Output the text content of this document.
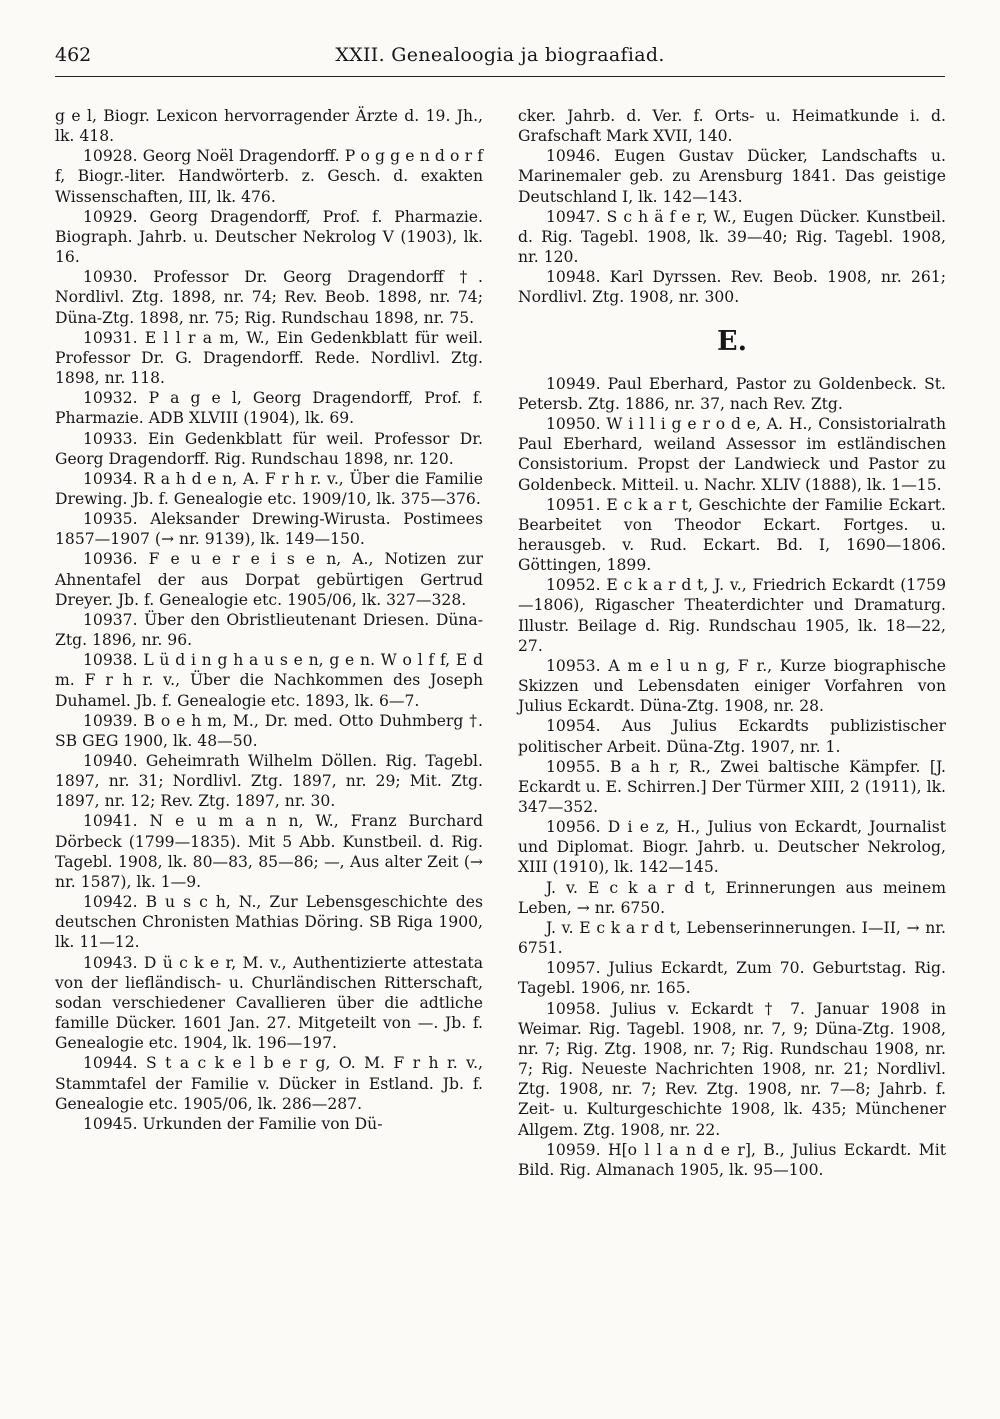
462	XXII. Genealoogia ja biograafiad.

g e l, Biogr. Lexicon hervorragender Ärzte d. 19. Jh., lk. 418.

10928. Georg Noël Dragendorff. P o g g e n d o r f f, Biogr.-liter. Handwörterb. z. Gesch. d. exakten Wissenschaften, III, lk. 476.

10929. Georg Dragendorff, Prof. f. Pharmazie. Biograph. Jahrb. u. Deutscher Nekrolog V (1903), lk. 16.

10930. Professor Dr. Georg Dragendorff †. Nordlivl. Ztg. 1898, nr. 74; Rev. Beob. 1898, nr. 74; Düna-Ztg. 1898, nr. 75; Rig. Rundschau 1898, nr. 75.

10931. E l l r a m, W., Ein Gedenkblatt für weil. Professor Dr. G. Dragendorff. Rede. Nordlivl. Ztg. 1898, nr. 118.

10932. P a g e l, Georg Dragendorff, Prof. f. Pharmazie. ADB XLVIII (1904), lk. 69.

10933. Ein Gedenkblatt für weil. Professor Dr. Georg Dragendorff. Rig. Rundschau 1898, nr. 120.

10934. R a h d e n, A. F r h r. v., Über die Familie Drewing. Jb. f. Genealogie etc. 1909/10, lk. 375—376.

10935. Aleksander Drewing-Wirusta. Postimees 1857—1907 (→ nr. 9139), lk. 149—150.

10936. F e u e r e i s e n, A., Notizen zur Ahnentafel der aus Dorpat gebürtigen Gertrud Dreyer. Jb. f. Genealogie etc. 1905/06, lk. 327—328.

10937. Über den Obristlieutenant Driesen. Düna-Ztg. 1896, nr. 96.

10938. L ü d i n g h a u s e n, g e n. W o l f f, E d m. F r h r. v., Über die Nachkommen des Joseph Duhamel. Jb. f. Genealogie etc. 1893, lk. 6—7.

10939. B o e h m, M., Dr. med. Otto Duhmberg †. SB GEG 1900, lk. 48—50.

10940. Geheimrath Wilhelm Döllen. Rig. Tagebl. 1897, nr. 31; Nordlivl. Ztg. 1897, nr. 29; Mit. Ztg. 1897, nr. 12; Rev. Ztg. 1897, nr. 30.

10941. N e u m a n n, W., Franz Burchard Dörbeck (1799—1835). Mit 5 Abb. Kunstbeil. d. Rig. Tagebl. 1908, lk. 80—83, 85—86; —, Aus alter Zeit (→ nr. 1587), lk. 1—9.

10942. B u s c h, N., Zur Lebensgeschichte des deutschen Chronisten Mathias Döring. SB Riga 1900, lk. 11—12.

10943. D ü c k e r, M. v., Authentizierte attestata von der liefländisch- u. Churländischen Ritterschaft, sodan verschiedener Cavallieren über die adtliche famille Dücker. 1601 Jan. 27. Mitgeteilt von —. Jb. f. Genealogie etc. 1904, lk. 196—197.

10944. S t a c k e l b e r g, O. M. F r h r. v., Stammtafel der Familie v. Dücker in Estland. Jb. f. Genealogie etc. 1905/06, lk. 286—287.

10945. Urkunden der Familie von Dü-

cker. Jahrb. d. Ver. f. Orts- u. Heimatkunde i. d. Grafschaft Mark XVII, 140.

10946. Eugen Gustav Dücker, Landschafts u. Marinemaler geb. zu Arensburg 1841. Das geistige Deutschland I, lk. 142—143.

10947. S c h ä f e r, W., Eugen Dücker. Kunstbeil. d. Rig. Tagebl. 1908, lk. 39—40; Rig. Tagebl. 1908, nr. 120.

10948. Karl Dyrssen. Rev. Beob. 1908, nr. 261; Nordlivl. Ztg. 1908, nr. 300.

E.

10949. Paul Eberhard, Pastor zu Goldenbeck. St. Petersb. Ztg. 1886, nr. 37, nach Rev. Ztg.

10950. W i l l i g e r o d e, A. H., Consistorialrath Paul Eberhard, weiland Assessor im estländischen Consistorium. Propst der Landwieck und Pastor zu Goldenbeck. Mitteil. u. Nachr. XLIV (1888), lk. 1—15.

10951. E c k a r t, Geschichte der Familie Eckart. Bearbeitet von Theodor Eckart. Fortges. u. herausgeb. v. Rud. Eckart. Bd. I, 1690—1806. Göttingen, 1899.

10952. E c k a r d t, J. v., Friedrich Eckardt (1759—1806), Rigascher Theaterdichter und Dramaturg. Illustr. Beilage d. Rig. Rundschau 1905, lk. 18—22, 27.

10953. A m e l u n g, F r., Kurze biographische Skizzen und Lebensdaten einiger Vorfahren von Julius Eckardt. Düna-Ztg. 1908, nr. 28.

10954. Aus Julius Eckardts publizistischer politischer Arbeit. Düna-Ztg. 1907, nr. 1.

10955. B a h r, R., Zwei baltische Kämpfer. [J. Eckardt u. E. Schirren.] Der Türmer XIII, 2 (1911), lk. 347—352.

10956. D i e z, H., Julius von Eckardt, Journalist und Diplomat. Biogr. Jahrb. u. Deutscher Nekrolog, XIII (1910), lk. 142—145.

J. v. E c k a r d t, Erinnerungen aus meinem Leben, → nr. 6750.

J. v. E c k a r d t, Lebenserinnerungen. I—II, → nr. 6751.

10957. Julius Eckardt, Zum 70. Geburtstag. Rig. Tagebl. 1906, nr. 165.

10958. Julius v. Eckardt † 7. Januar 1908 in Weimar. Rig. Tagebl. 1908, nr. 7, 9; Düna-Ztg. 1908, nr. 7; Rig. Ztg. 1908, nr. 7; Rig. Rundschau 1908, nr. 7; Rig. Neueste Nachrichten 1908, nr. 21; Nordlivl. Ztg. 1908, nr. 7; Rev. Ztg. 1908, nr. 7—8; Jahrb. f. Zeit- u. Kulturgeschichte 1908, lk. 435; Münchener Allgem. Ztg. 1908, nr. 22.

10959. H[o l l a n d e r], B., Julius Eckardt. Mit Bild. Rig. Almanach 1905, lk. 95—100.
